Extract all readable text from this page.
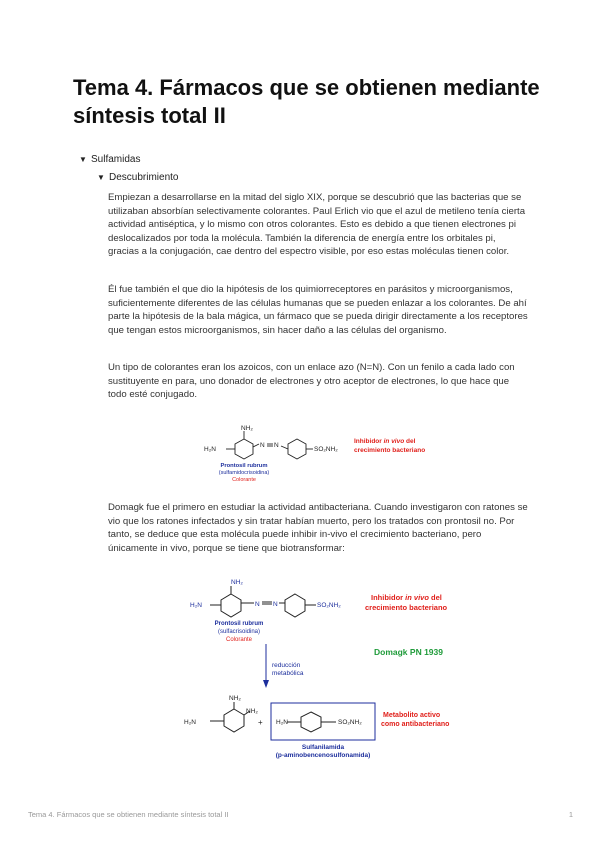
Tema 4. Fármacos que se obtienen mediante síntesis total II
▼ Sulfamidas
▼ Descubrimiento

Empiezan a desarrollarse en la mitad del siglo XIX, porque se descubrió que las bacterias que se utilizaban absorbían selectivamente colorantes. Paul Erlich vio que el azul de metileno tenía cierta actividad antiséptica, y lo mismo con otros colorantes. Esto es debido a que tienen electrones pi deslocalizados por toda la molécula. También la diferencia de energía entre los orbitales pi, gracias a la conjugación, cae dentro del espectro visible, por eso estas moléculas tienen color.

Él fue también el que dio la hipótesis de los quimiorreceptores en parásitos y microorganismos, suficientemente diferentes de las células humanas que se pueden enlazar a los colorantes. De ahí parte la hipótesis de la bala mágica, un fármaco que se pueda dirigir directamente a los receptores que tengan estos microorganismos, sin hacer daño a las células del organismo.

Un tipo de colorantes eran los azoicos, con un enlace azo (N=N). Con un fenilo a cada lado con sustituyente en para, uno donador de electrones y otro aceptor de electrones, lo que hace que todo esté conjugado.

NH₂
H₂N
N N
SO₂NH₂
Prontosil rubrum
(sulfamidocrisoidina)
Colorante
Inhibidor in vivo del
crecimiento bacteriano

Domagk fue el primero en estudiar la actividad antibacteriana. Cuando investigaron con ratones se vio que los ratones infectados y sin tratar habían muerto, pero los tratados con prontosil no. Por tanto, se deduce que esta molécula puede inhibir in-vivo el crecimiento bacteriano, pero únicamente in vivo, porque se tiene que biotransformar:

NH₂
H₂N	N N	SO₂NH₂
Prontosil rubrum
(sulfacrisoidina)
Colorante
Inhibidor in vivo del
crecimiento bacteriano
Domagk PN 1939
reducción
metabólica
NH₂
NH₂
H₂N	+ H₂N	SO₂NH₂
Sulfanilamida
(p-aminobencenosulfonamida)
Metabolito activo
como antibacteriano
Tema 4. Fármacos que se obtienen mediante síntesis total II	1
